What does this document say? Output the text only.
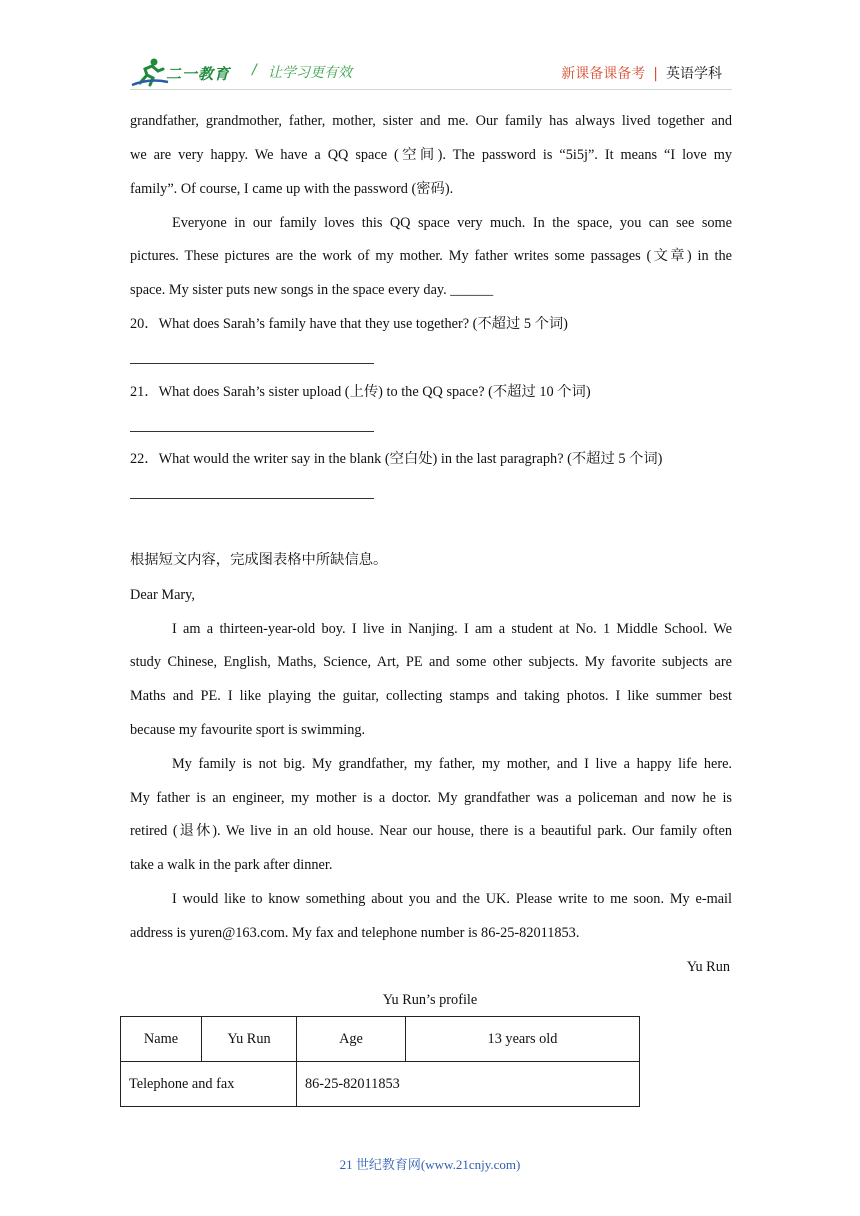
二一教育 / 让学习更有效	新课备课备考 | 英语学科
grandfather, grandmother, father, mother, sister and me. Our family has always lived together and
we are very happy. We have a QQ space (空间). The password is “5i5j”. It means “I love my
family”. Of course, I came up with the password (密码).
Everyone in our family loves this QQ space very much. In the space, you can see some
pictures. These pictures are the work of my mother. My father writes some passages (文章) in the
space. My sister puts new songs in the space every day. ______
20．What does Sarah’s family have that they use together? (不超过 5 个词)
21．What does Sarah’s sister upload (上传) to the QQ space? (不超过 10 个词)
22．What would the writer say in the blank (空白处) in the last paragraph? (不超过 5 个词)
根据短文内容，完成图表格中所缺信息。
Dear Mary,
I am a thirteen-year-old boy. I live in Nanjing. I am a student at No. 1 Middle School. We
study Chinese, English, Maths, Science, Art, PE and some other subjects. My favorite subjects are
Maths and PE. I like playing the guitar, collecting stamps and taking photos. I like summer best
because my favourite sport is swimming.
My family is not big. My grandfather, my father, my mother, and I live a happy life here.
My father is an engineer, my mother is a doctor. My grandfather was a policeman and now he is
retired (退休). We live in an old house. Near our house, there is a beautiful park. Our family often
take a walk in the park after dinner.
I would like to know something about you and the UK. Please write to me soon. My e-mail
address is yuren@163.com. My fax and telephone number is 86-25-82011853.
Yu Run
Yu Run’s profile
Name	Yu Run	Age	13 years old
Telephone and fax		86-25-82011853	
21 世纪教育网(www.21cnjy.com)
